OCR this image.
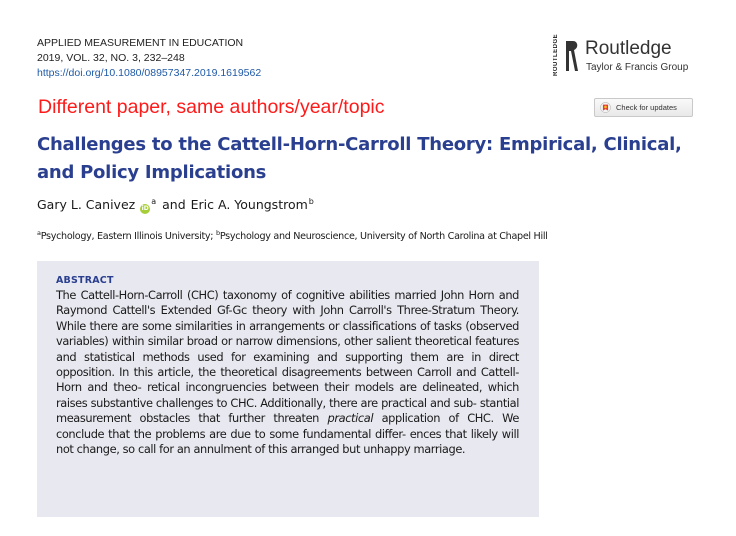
APPLIED MEASUREMENT IN EDUCATION
2019, VOL. 32, NO. 3, 232–248
https://doi.org/10.1080/08957347.2019.1619562	ROUTLEDGE Routledge
Taylor & Francis Group
Different paper, same authors/year/topic	Check for updates
Challenges to the Cattell-Horn-Carroll Theory: Empirical, Clinical, and Policy Implications
Gary L. Canivez iD
$^a$ and Eric A. Youngstrom$^b$
$^a$Psychology, Eastern Illinois University; $^b$Psychology and Neuroscience, University of North Carolina at Chapel Hill

ABSTRACT

The Cattell-Horn-Carroll (CHC) taxonomy of cognitive abilities married John Horn and Raymond Cattell's Extended Gf-Gc theory with John Carroll's Three-Stratum Theory. While there are some similarities in arrangements or classifications of tasks (observed variables) within similar broad or narrow dimensions, other salient theoretical features and statistical methods used for examining and supporting them are in direct opposition. In this article, the theoretical disagreements between Carroll and Cattell-Horn and theo- retical incongruencies between their models are delineated, which raises substantive challenges to CHC. Additionally, there are practical and sub- stantial measurement obstacles that further threaten practical application of CHC. We conclude that the problems are due to some fundamental differ- ences that likely will not change, so call for an annulment of this arranged but unhappy marriage.
